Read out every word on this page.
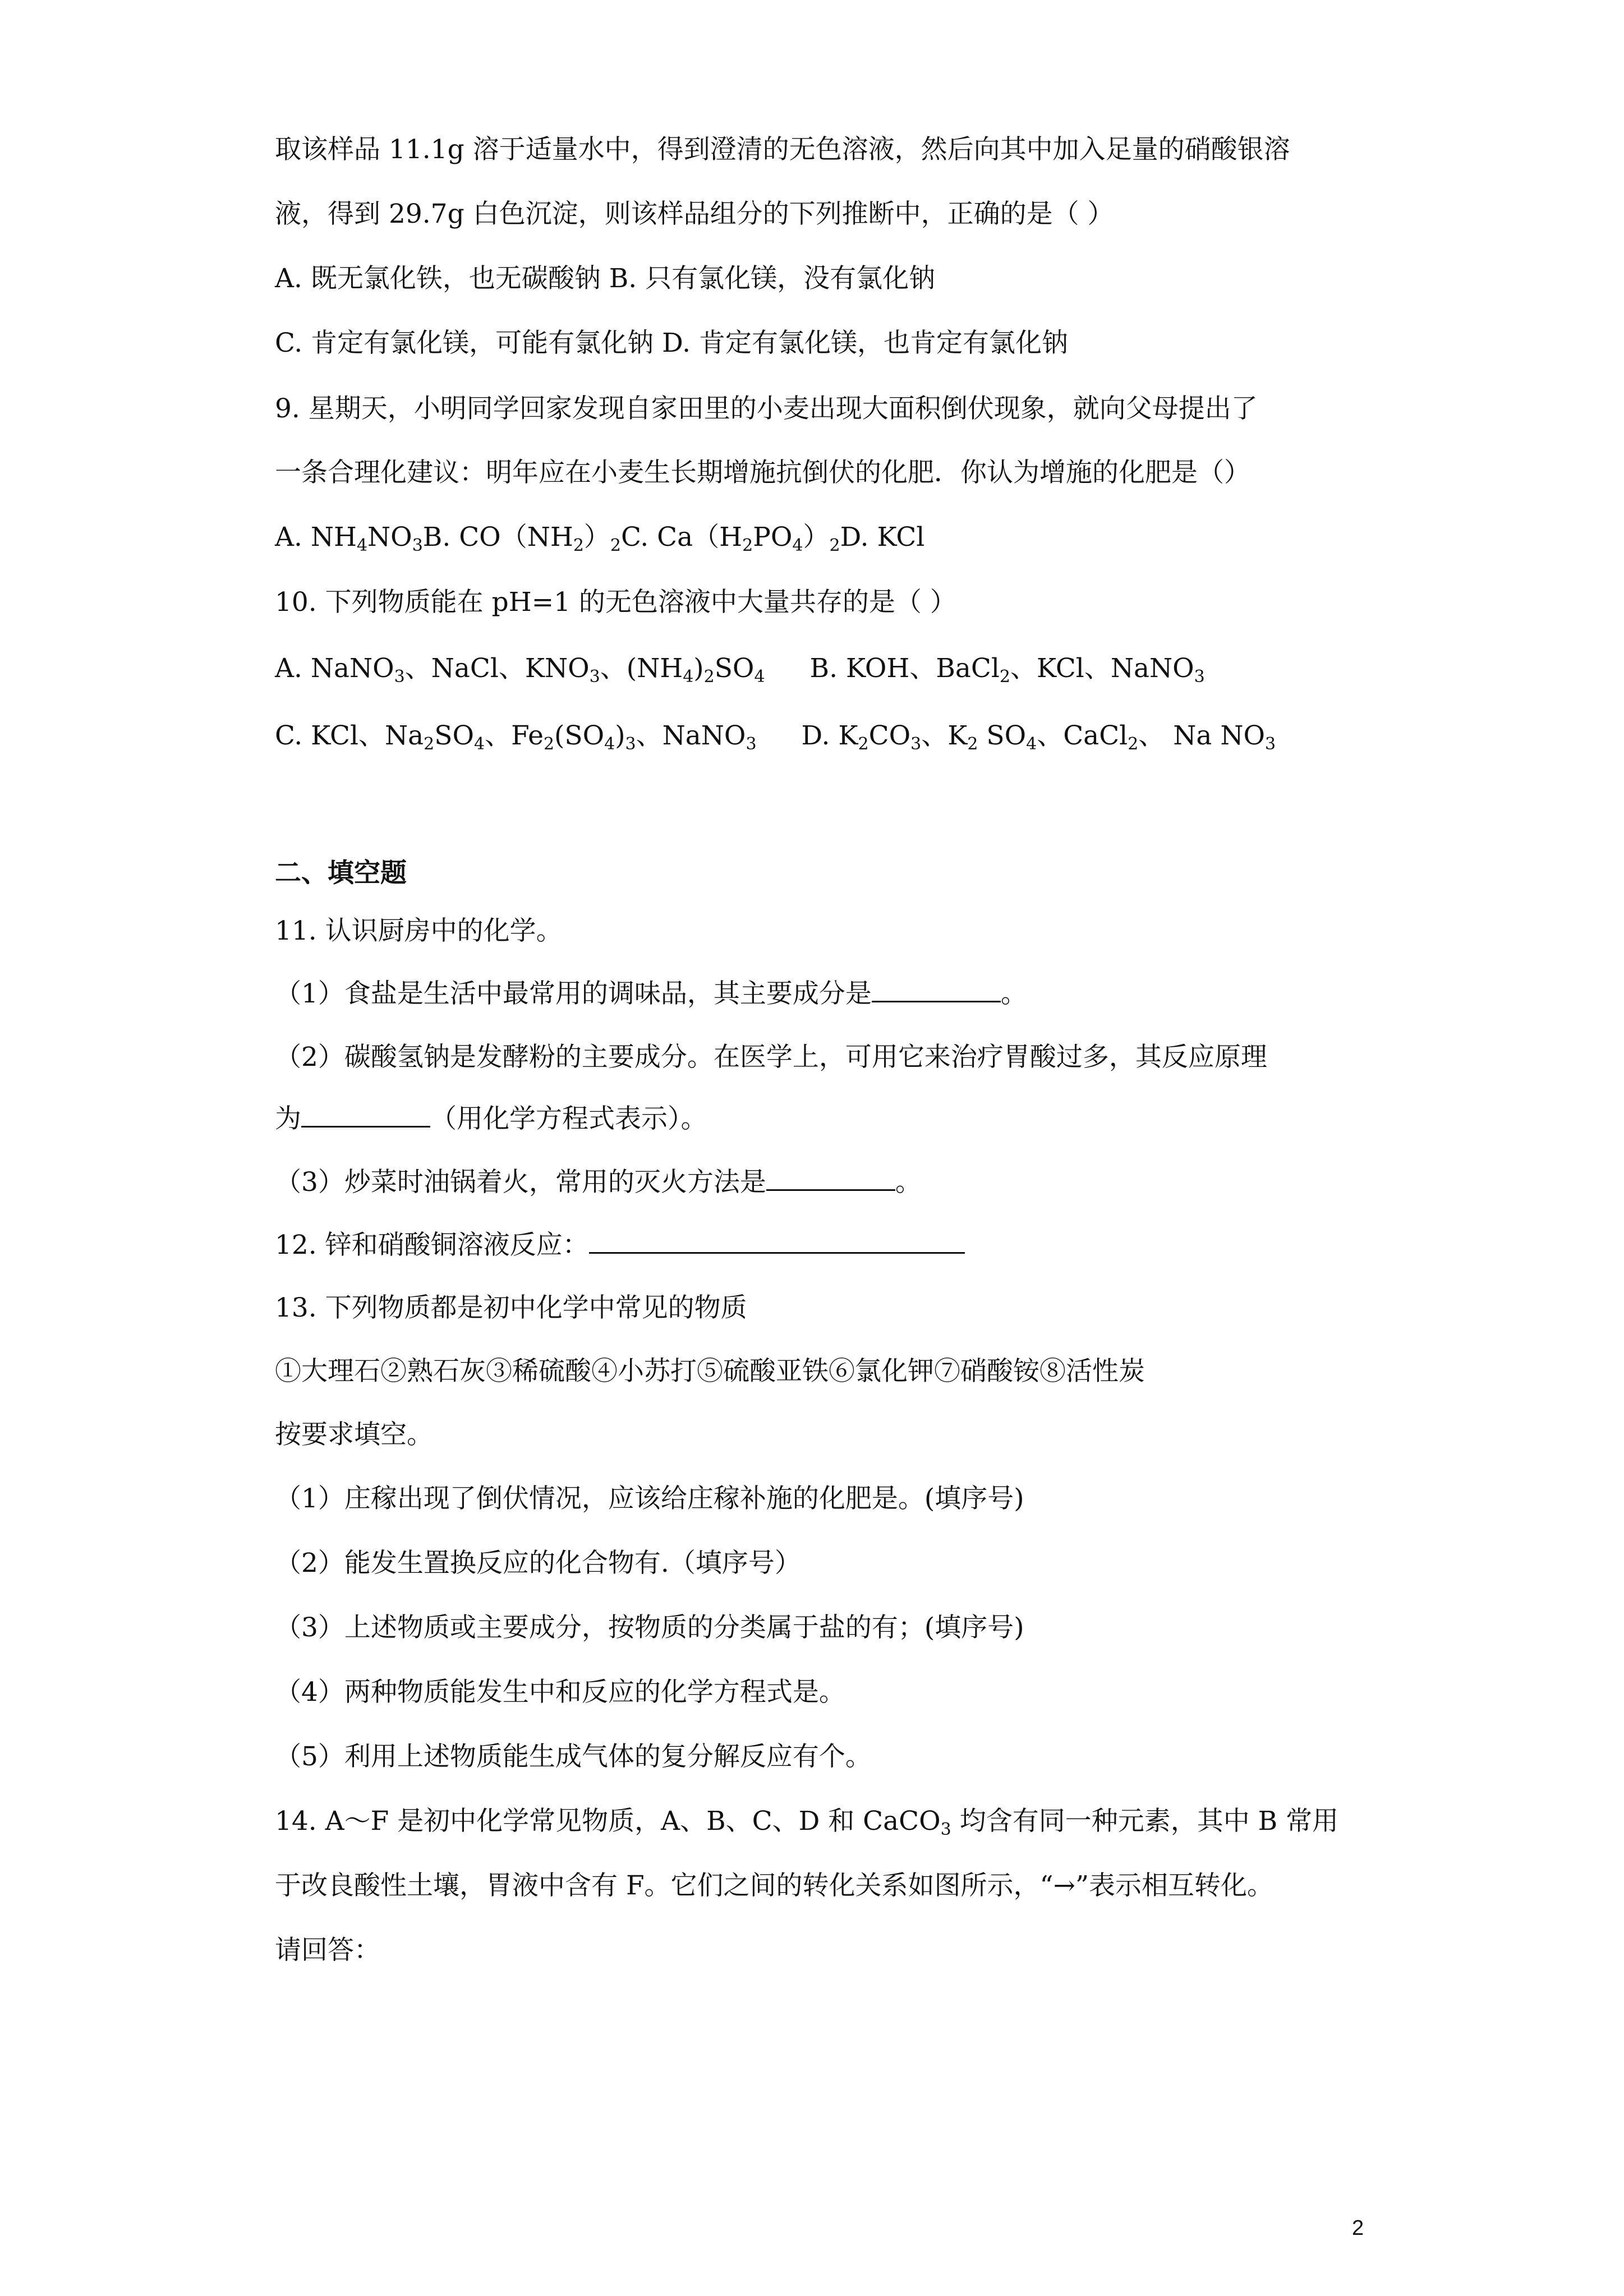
取该样品 11.1g 溶于适量水中，得到澄清的无色溶液，然后向其中加入足量的硝酸银溶
液，得到 29.7g 白色沉淀，则该样品组分的下列推断中，正确的是（ ）
A. 既无氯化铁，也无碳酸钠 B. 只有氯化镁，没有氯化钠
C. 肯定有氯化镁，可能有氯化钠 D. 肯定有氯化镁，也肯定有氯化钠
9. 星期天，小明同学回家发现自家田里的小麦出现大面积倒伏现象，就向父母提出了
一条合理化建议：明年应在小麦生长期增施抗倒伏的化肥．你认为增施的化肥是（）
A. $NH_4NO_3B$. $CO(NH_2)_2C$. $Ca(H_2PO_4)_2D$. KCl
10. 下列物质能在 pH=1 的无色溶液中大量共存的是（ ）
A. NaNO$_3$、NaCl、$KNO_3$、$(NH_4)_2SO_4$ B. KOH、BaCl$_2$、KCl、NaNO$_3$
C. KCl、$Na_2SO_4$、$Fe_2(SO_4)_3$、NaNO$_3$ D. $K_2CO_3$、$K_2$ $SO_4$、CaCl$_2$、 Na $NO_3$
二、填空题
11. 认识厨房中的化学。
（1）食盐是生活中最常用的调味品，其主要成分是	。
（2）碳酸氢钠是发酵粉的主要成分。在医学上，可用它来治疗胃酸过多，其反应原理
为	（用化学方程式表示）。
（3）炒菜时油锅着火，常用的灭火方法是	。
12. 锌和硝酸铜溶液反应：
13. 下列物质都是初中化学中常见的物质
①大理石②熟石灰③稀硫酸④小苏打⑤硫酸亚铁⑥氯化钾⑦硝酸铵⑧活性炭
按要求填空。
（1）庄稼出现了倒伏情况，应该给庄稼补施的化肥是。(填序号)
（2）能发生置换反应的化合物有.（填序号）
（3）上述物质或主要成分，按物质的分类属于盐的有；(填序号)
（4）两种物质能发生中和反应的化学方程式是。
（5）利用上述物质能生成气体的复分解反应有个。
14. A～F 是初中化学常见物质，A、B、C、D 和 CaCO$_3$ 均含有同一种元素，其中 B 常用
于改良酸性土壤，胃液中含有 F。它们之间的转化关系如图所示，“→”表示相互转化。
请回答：
2
